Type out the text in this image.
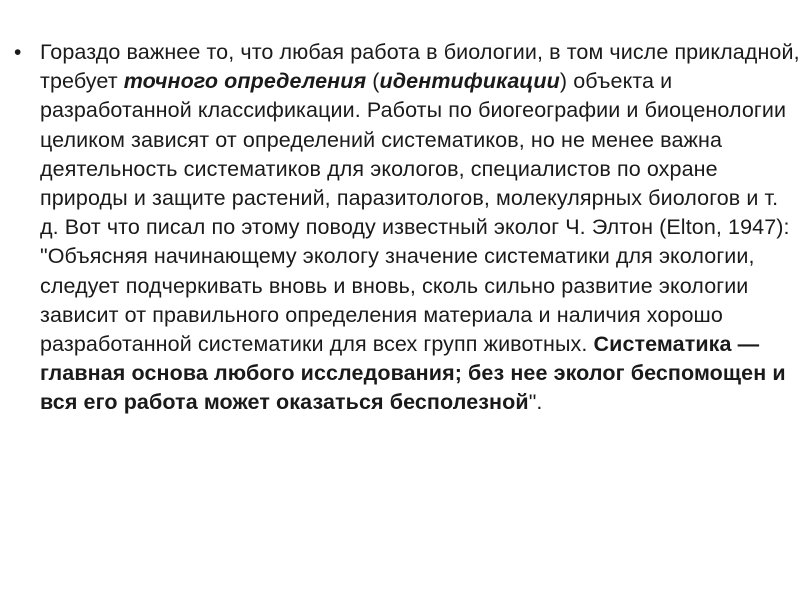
• Гораздо важнее то, что любая работа в биологии, в том числе прикладной, требует точного определения (идентификации) объекта и разработанной классификации. Работы по биогеографии и биоценологии целиком зависят от определений систематиков, но не менее важна деятельность систематиков для экологов, специалистов по охране природы и защите растений, паразитологов, молекулярных биологов и т. д. Вот что писал по этому поводу известный эколог Ч. Элтон (Elton, 1947): "Объясняя начинающему экологу значение систематики для экологии, следует подчеркивать вновь и вновь, сколь сильно развитие экологии зависит от правильного определения материала и наличия хорошо разработанной систематики для всех групп животных. Систематика — главная основа любого исследования; без нее эколог беспомощен и вся его работа может оказаться бесполезной".
